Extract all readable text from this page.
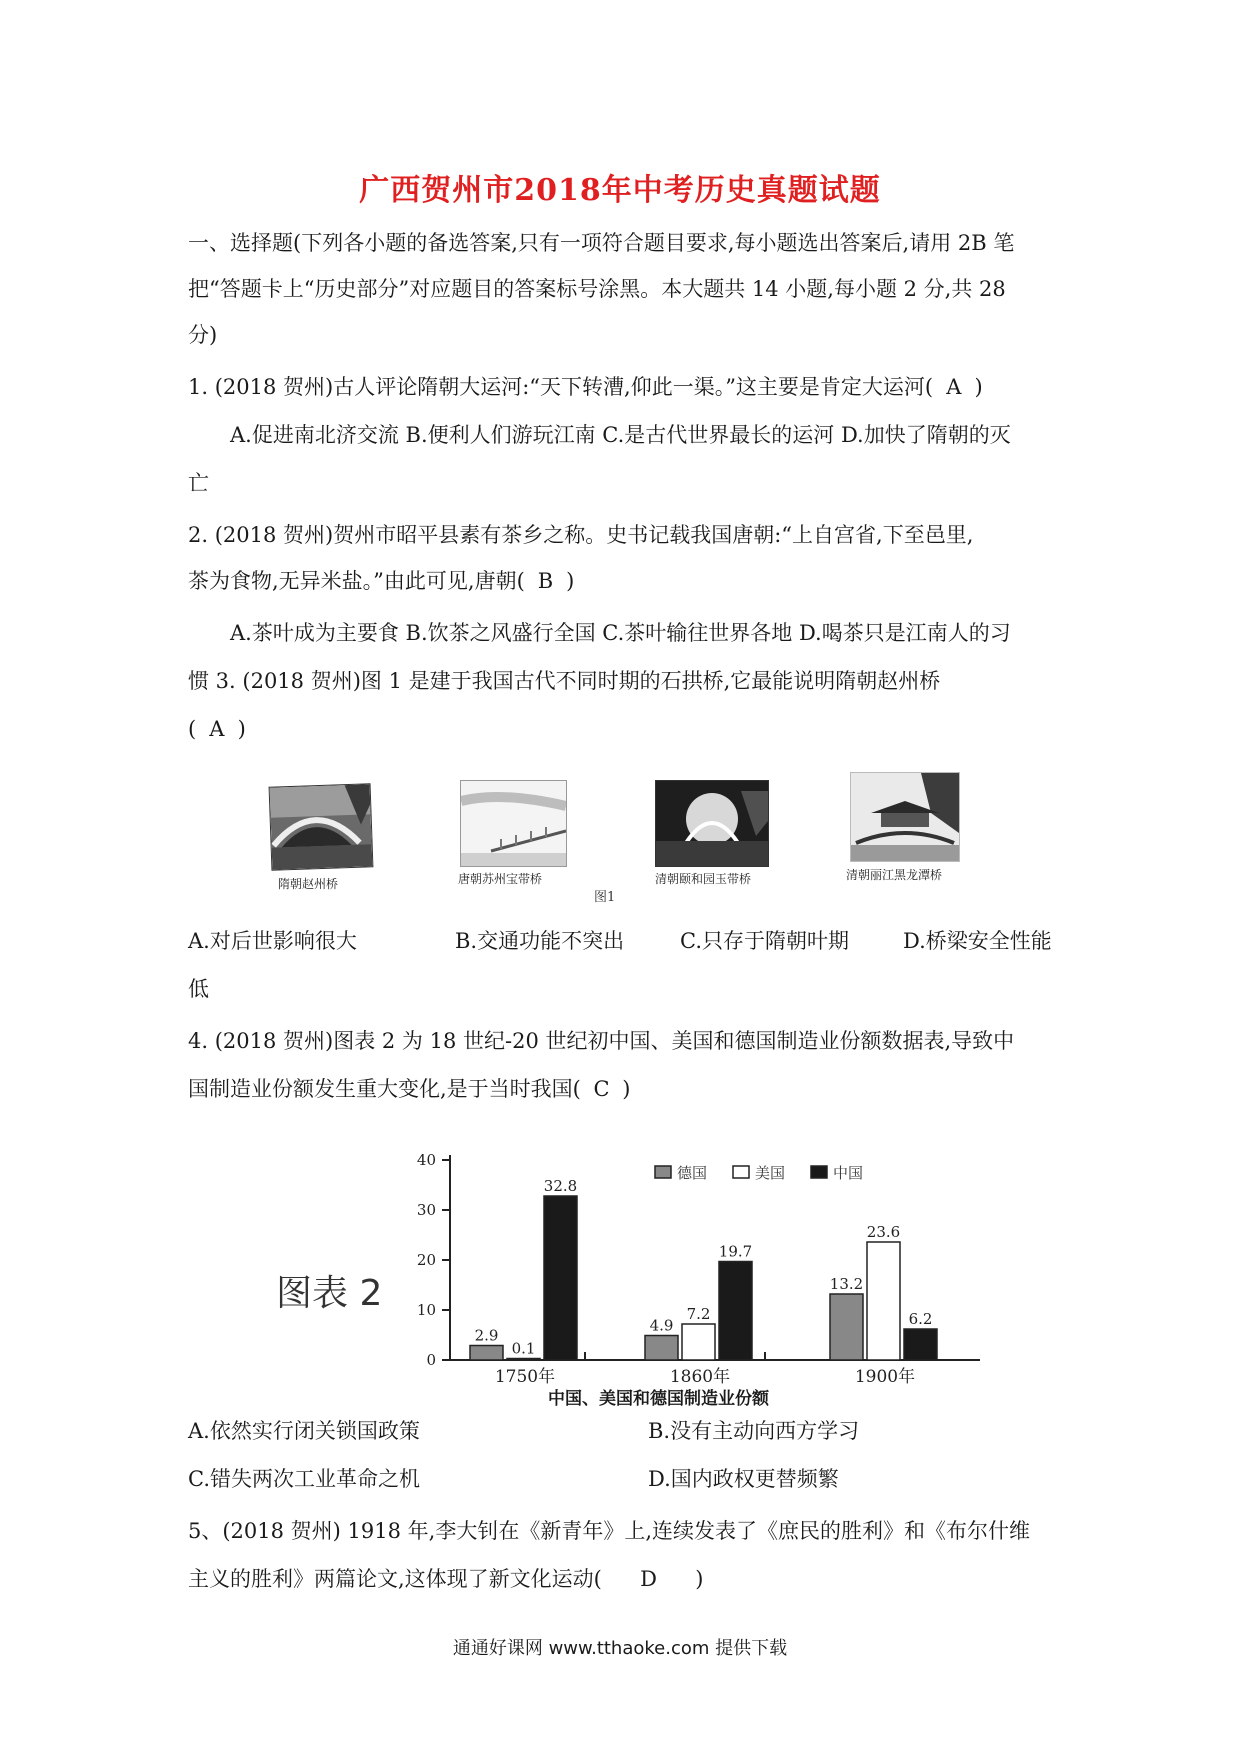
广西贺州市2018年中考历史真题试题
一、选择题(下列各小题的备选答案,只有一项符合题目要求,每小题选出答案后,请用 2B 笔
把“答题卡上“历史部分”对应题目的答案标号涂黑。本大题共 14 小题,每小题 2 分,共 28
分)
1. (2018 贺州)古人评论隋朝大运河:“天下转漕,仰此一渠。”这主要是肯定大运河( A )
A.促进南北济交流 B.便利人们游玩江南 C.是古代世界最长的运河 D.加快了隋朝的灭
亡
2. (2018 贺州)贺州市昭平县素有茶乡之称。史书记载我国唐朝:“上自宫省,下至邑里,
茶为食物,无异米盐。”由此可见,唐朝( B )
A.茶叶成为主要食 B.饮茶之风盛行全国 C.茶叶输往世界各地 D.喝茶只是江南人的习
惯 3. (2018 贺州)图 1 是建于我国古代不同时期的石拱桥,它最能说明隋朝赵州桥
( A )
隋朝赵州桥	唐朝苏州宝带桥	清朝颐和园玉带桥	清朝丽江黑龙潭桥
图1
A.对后世影响很大	B.交通功能不突出	C.只存于隋朝叶期	D.桥梁安全性能
低
4. (2018 贺州)图表 2 为 18 世纪-20 世纪初中国、美国和德国制造业份额数据表,导致中
国制造业份额发生重大变化,是于当时我国( C )
图表 2
0
10
20
30
40
2.9
0.1
32.8
1750年
4.9
7.2
19.7
1860年
13.2
23.6
6.2
1900年
德国	美国	中国
中国、美国和德国制造业份额
A.依然实行闭关锁国政策	B.没有主动向西方学习
C.错失两次工业革命之机	D.国内政权更替频繁
5、(2018 贺州) 1918 年,李大钊在《新青年》上,连续发表了《庶民的胜利》和《布尔什维
主义的胜利》两篇论文,这体现了新文化运动( D )
通通好课网 www.tthaoke.com 提供下载
